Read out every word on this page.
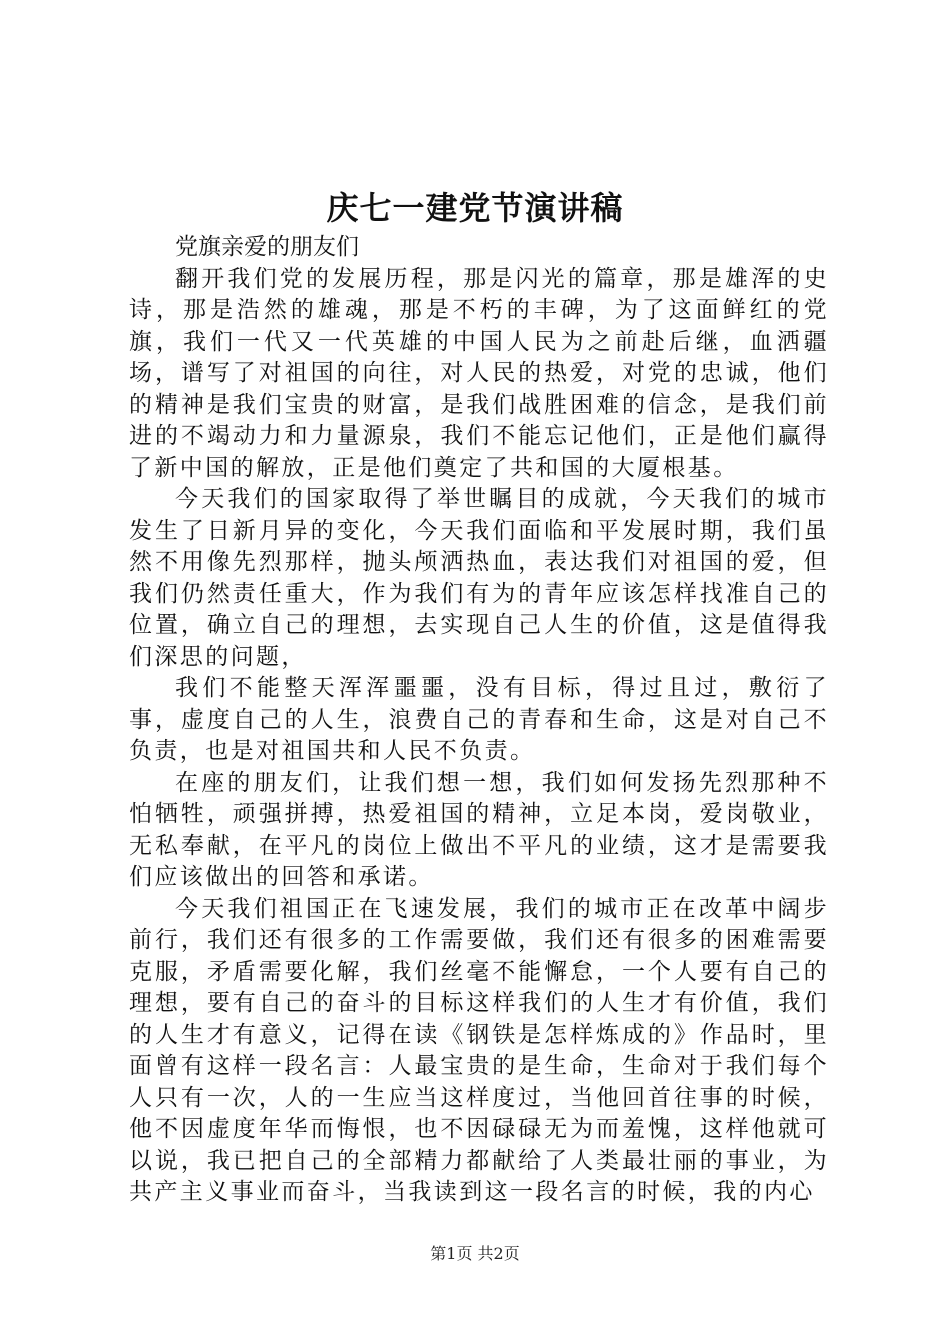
庆七一建党节演讲稿

党旗亲爱的朋友们

翻开我们党的发展历程，那是闪光的篇章，那是雄浑的史诗，那是浩然的雄魂，那是不朽的丰碑，为了这面鲜红的党旗，我们一代又一代英雄的中国人民为之前赴后继，血洒疆场，谱写了对祖国的向往，对人民的热爱，对党的忠诚，他们的精神是我们宝贵的财富，是我们战胜困难的信念，是我们前进的不竭动力和力量源泉，我们不能忘记他们，正是他们赢得了新中国的解放，正是他们奠定了共和国的大厦根基。

今天我们的国家取得了举世瞩目的成就，今天我们的城市发生了日新月异的变化，今天我们面临和平发展时期，我们虽然不用像先烈那样，抛头颅洒热血，表达我们对祖国的爱，但我们仍然责任重大，作为我们有为的青年应该怎样找准自己的位置，确立自己的理想，去实现自己人生的价值，这是值得我们深思的问题，

我们不能整天浑浑噩噩，没有目标，得过且过，敷衍了事，虚度自己的人生，浪费自己的青春和生命，这是对自己不负责，也是对祖国共和人民不负责。

在座的朋友们，让我们想一想，我们如何发扬先烈那种不怕牺牲，顽强拼搏，热爱祖国的精神，立足本岗，爱岗敬业，无私奉献，在平凡的岗位上做出不平凡的业绩，这才是需要我们应该做出的回答和承诺。

今天我们祖国正在飞速发展，我们的城市正在改革中阔步前行，我们还有很多的工作需要做，我们还有很多的困难需要克服，矛盾需要化解，我们丝毫不能懈怠，一个人要有自己的理想，要有自己的奋斗的目标这样我们的人生才有价值，我们的人生才有意义，记得在读《钢铁是怎样炼成的》作品时，里面曾有这样一段名言：人最宝贵的是生命，生命对于我们每个人只有一次，人的一生应当这样度过，当他回首往事的时候，他不因虚度年华而悔恨，也不因碌碌无为而羞愧，这样他就可以说，我已把自己的全部精力都献给了人类最壮丽的事业，为共产主义事业而奋斗，当我读到这一段名言的时候，我的内心

第1页 共2页
